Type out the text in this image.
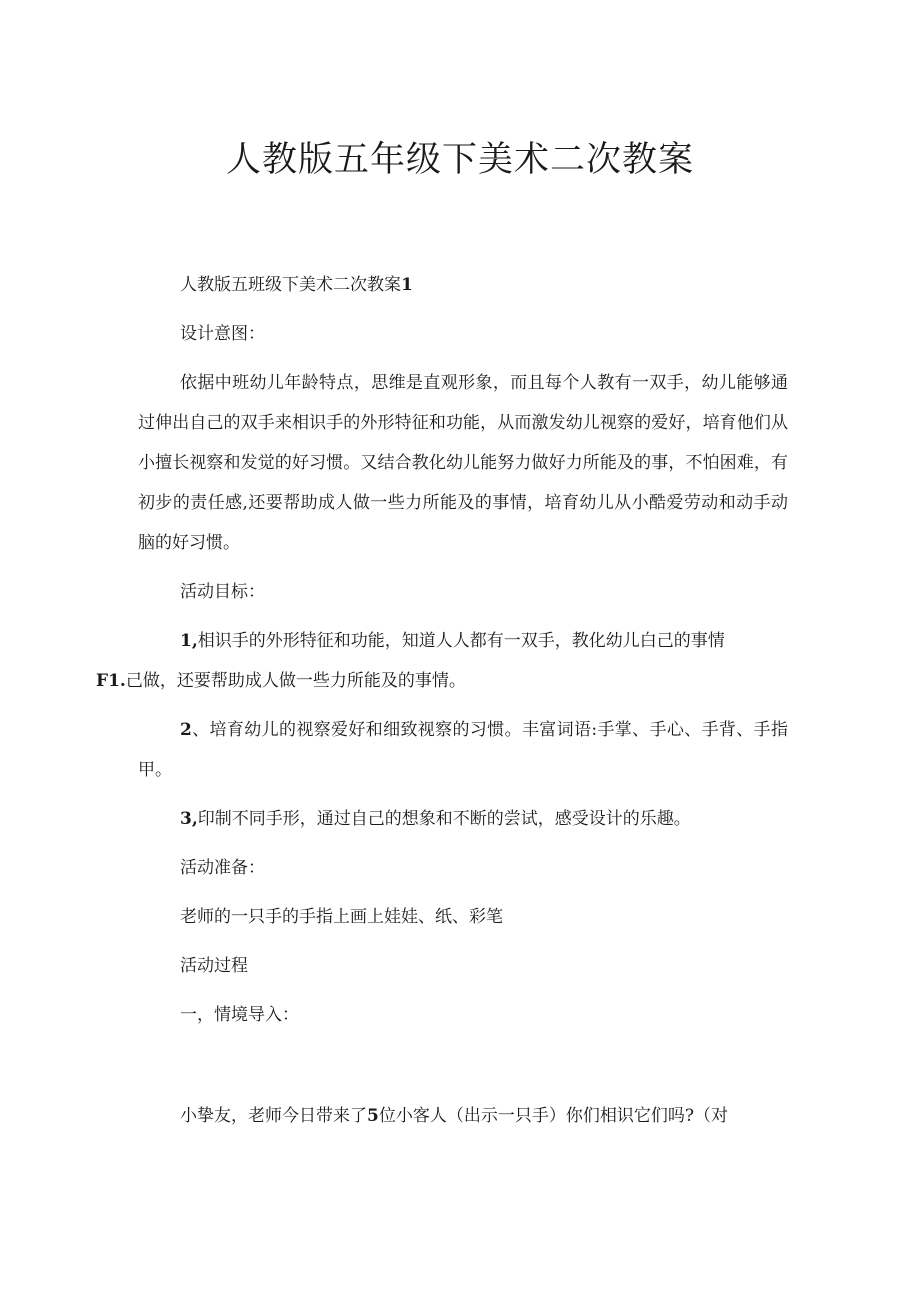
人教版五年级下美术二次教案

人教版五班级下美术二次教案1

设计意图：

依据中班幼儿年龄特点，思维是直观形象，而且每个人教有一双手，幼儿能够通过伸出自己的双手来相识手的外形特征和功能，从而激发幼儿视察的爱好，培育他们从小擅长视察和发觉的好习惯。又结合教化幼儿能努力做好力所能及的事，不怕困难，有初步的责任感,还要帮助成人做一些力所能及的事情，培育幼儿从小酷爱劳动和动手动脑的好习惯。

活动目标：

1,相识手的外形特征和功能，知道人人都有一双手，教化幼儿白己的事情
F1.己做，还要帮助成人做一些力所能及的事情。

2、培育幼儿的视察爱好和细致视察的习惯。丰富词语:手掌、手心、手背、手指甲。

3,印制不同手形，通过自己的想象和不断的尝试，感受设计的乐趣。

活动准备：

老师的一只手的手指上画上娃娃、纸、彩笔

活动过程

一，情境导入：

小挚友，老师今日带来了5位小客人（出示一只手）你们相识它们吗?（对
